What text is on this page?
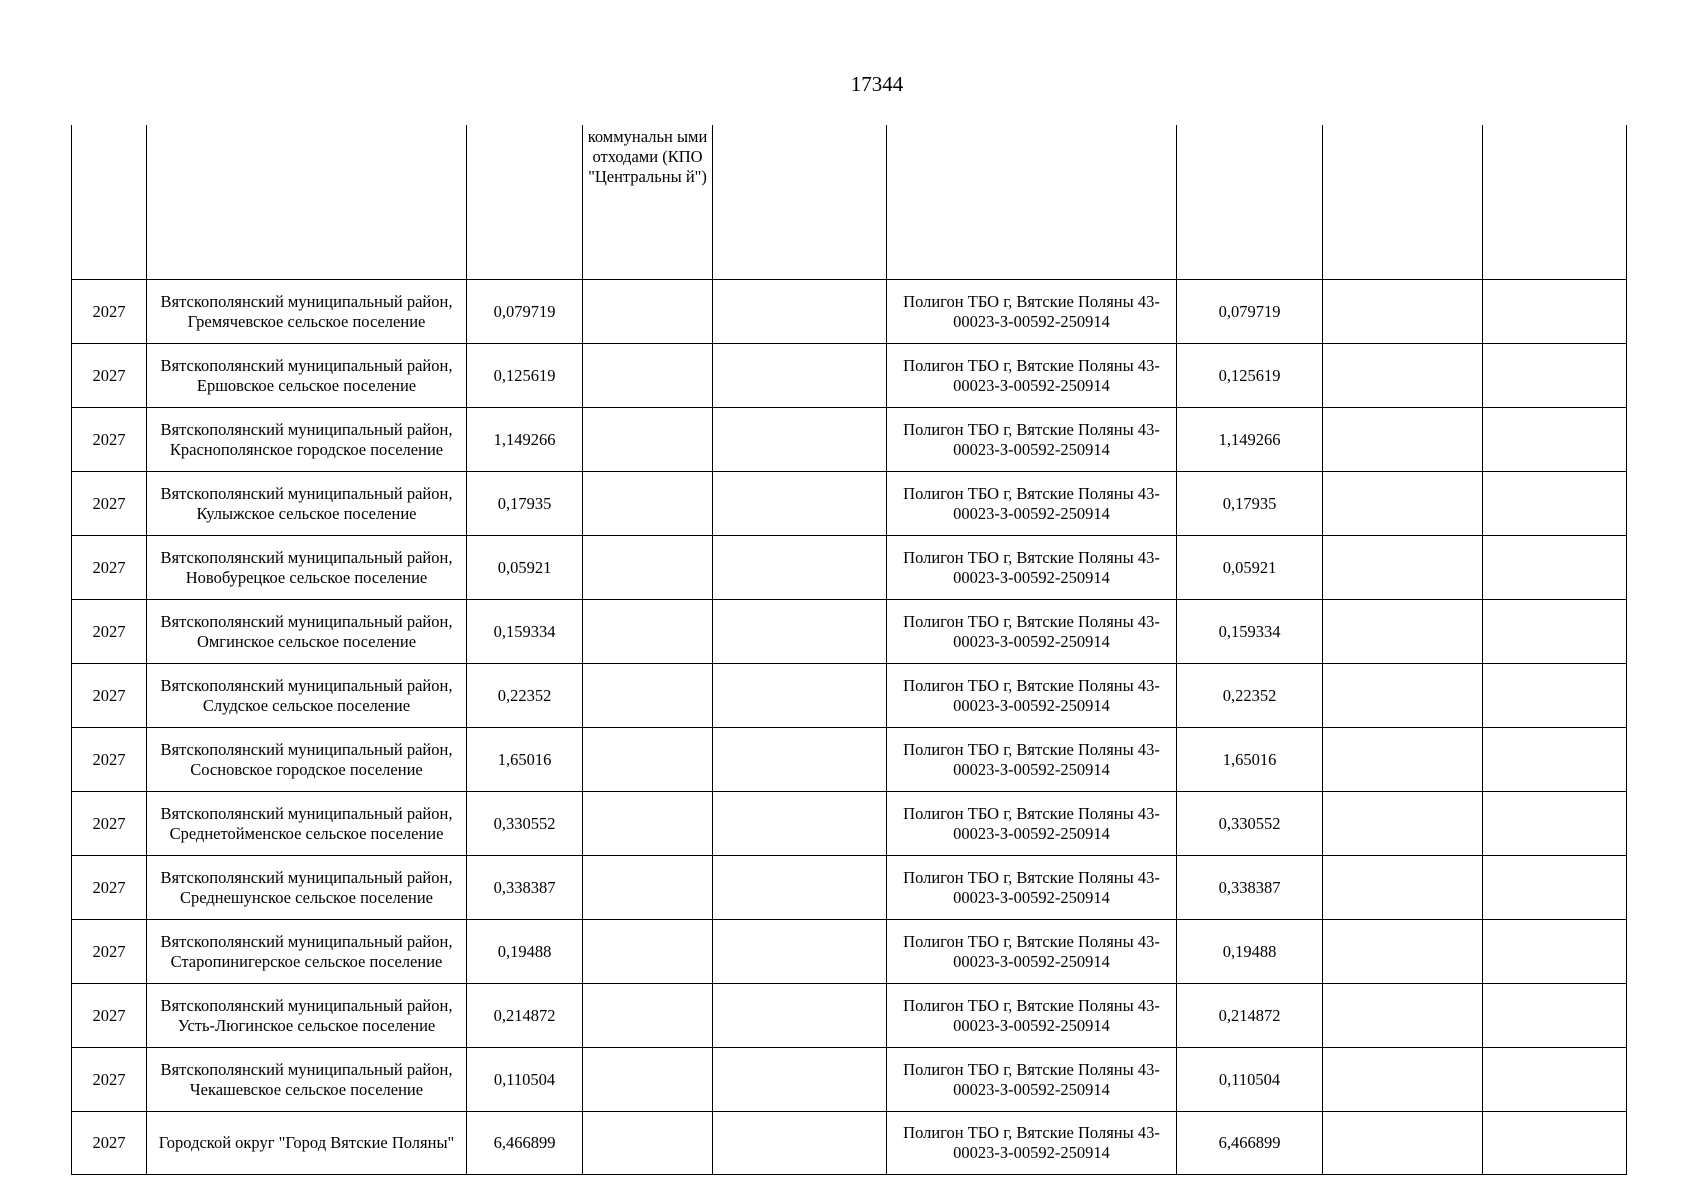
17344
			коммунальн ыми отходами (КПО "Центральны й")					
2027	Вятскополянский муниципальный район, Гремячевское сельское поселение	0,079719			Полигон ТБО г, Вятские Поляны 43-00023-З-00592-250914	0,079719		
2027	Вятскополянский муниципальный район, Ершовское сельское поселение	0,125619			Полигон ТБО г, Вятские Поляны 43-00023-З-00592-250914	0,125619		
2027	Вятскополянский муниципальный район, Краснополянское городское поселение	1,149266			Полигон ТБО г, Вятские Поляны 43-00023-З-00592-250914	1,149266		
2027	Вятскополянский муниципальный район, Кулыжское сельское поселение	0,17935			Полигон ТБО г, Вятские Поляны 43-00023-З-00592-250914	0,17935		
2027	Вятскополянский муниципальный район, Новобурецкое сельское поселение	0,05921			Полигон ТБО г, Вятские Поляны 43-00023-З-00592-250914	0,05921		
2027	Вятскополянский муниципальный район, Омгинское сельское поселение	0,159334			Полигон ТБО г, Вятские Поляны 43-00023-З-00592-250914	0,159334		
2027	Вятскополянский муниципальный район, Слудское сельское поселение	0,22352			Полигон ТБО г, Вятские Поляны 43-00023-З-00592-250914	0,22352		
2027	Вятскополянский муниципальный район, Сосновское городское поселение	1,65016			Полигон ТБО г, Вятские Поляны 43-00023-З-00592-250914	1,65016		
2027	Вятскополянский муниципальный район, Среднетойменское сельское поселение	0,330552			Полигон ТБО г, Вятские Поляны 43-00023-З-00592-250914	0,330552		
2027	Вятскополянский муниципальный район, Среднешунское сельское поселение	0,338387			Полигон ТБО г, Вятские Поляны 43-00023-З-00592-250914	0,338387		
2027	Вятскополянский муниципальный район, Старопинигерское сельское поселение	0,19488			Полигон ТБО г, Вятские Поляны 43-00023-З-00592-250914	0,19488		
2027	Вятскополянский муниципальный район, Усть-Люгинское сельское поселение	0,214872			Полигон ТБО г, Вятские Поляны 43-00023-З-00592-250914	0,214872		
2027	Вятскополянский муниципальный район, Чекашевское сельское поселение	0,110504			Полигон ТБО г, Вятские Поляны 43-00023-З-00592-250914	0,110504		
2027	Городской округ "Город Вятские Поляны"	6,466899			Полигон ТБО г, Вятские Поляны 43-00023-З-00592-250914	6,466899		
